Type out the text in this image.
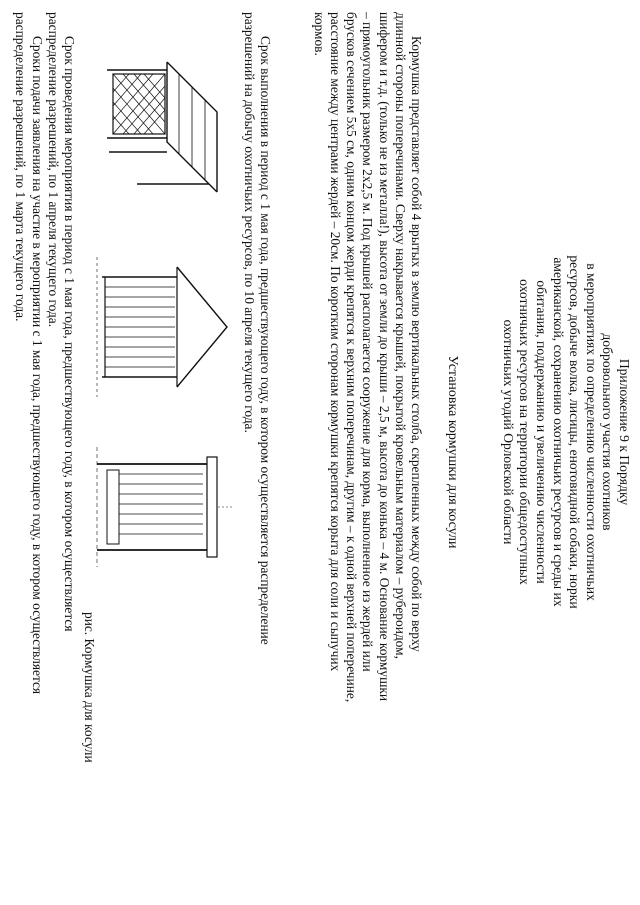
Приложение 9 к Порядку
добровольного участия охотников
в мероприятиях по определению численности охотничьих
ресурсов, добыче волка, лисицы, енотовидной собаки, норки
американской, сохранению охотничьих ресурсов и среды их
обитания, поддержанию и увеличению численности
охотничьих ресурсов на территории общедоступных
охотничьих угодий Орловской области
Установка кормушки для косули
Кормушка представляет собой 4 врытых в землю вертикальных столба, скрепленных между собой по верху
длинной стороны поперечинами. Сверху накрывается крышей, покрытой кровельным материалом – рубероидом,
шифером и т.д. (только не из металла!), высота от земли до крыши – 2,5 м, высота до конька – 4 м. Основание кормушки
– прямоугольник размером 2х2,5 м. Под крышей располагается сооружение для корма, выполненное из жердей или
брусков сечением 5х5 см, одним концом жерди крепятся к верхним поперечинам, другим – к одной верхней поперечине,
расстояние между центрами жердей – 20см. По коротким сторонам кормушки крепятся корыта для соли и сыпучих
кормов.
Срок выполнения в период с 1 мая года, предшествующего году, в котором осуществляется распределение
разрешений на добычу охотничьих ресурсов, по 10 апреля текущего года.
рис. Кормушка для косули
Срок проведения мероприятия в период с 1 мая года, предшествующего году, в котором осуществляется
распределение разрешений, по 1 апреля текущего года.
Сроки подачи заявления на участие в мероприятии с 1 мая года, предшествующего году, в котором осуществляется
распределение разрешений, по 1 марта текущего года.
